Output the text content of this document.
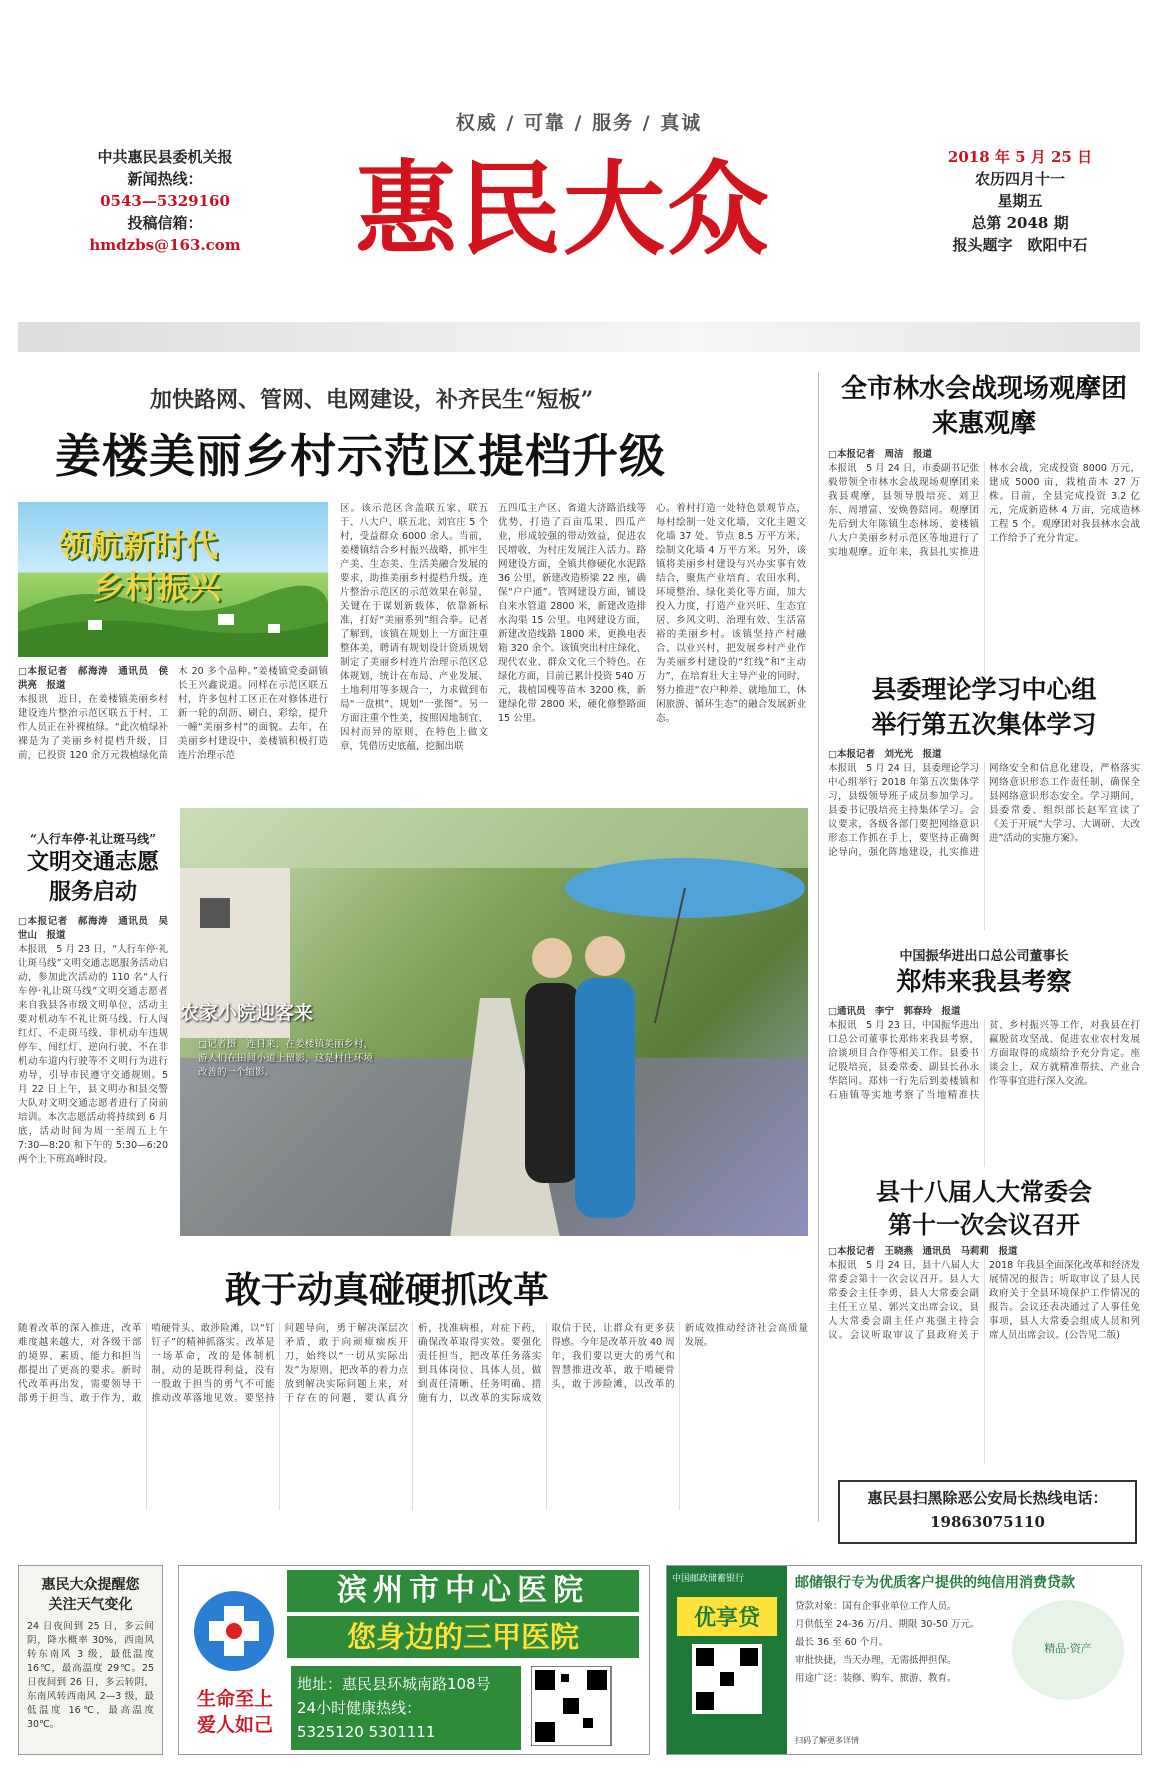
权威 / 可靠 / 服务 / 真诚
中共惠民县委机关报
新闻热线：
0543—5329160
投稿信箱：
hmdzbs@163.com 惠民大众	2018 年 5 月 25 日
农历四月十一
星期五
总第 2048 期
报头题字　欧阳中石
加快路网、管网、电网建设，补齐民生“短板”
姜楼美丽乡村示范区提档升级
领航新时代
乡村振兴
□本报记者　郝海涛　通讯员　侯洪亮　报道
本报讯　近日，在姜楼镇美丽乡村建设连片整治示范区联五于村，工作人员正在补裸植绿。“此次植绿补裸是为了美丽乡村提档升级，目前，已投资 120 余万元栽植绿化苗木 20 多个品种。”姜楼镇党委副镇长王兴鑫说道。同样在示范区联五村，许多包村工区正在对修体进行新一轮的刮沥、刷白、彩绘，提升一幢“美丽乡村”的面貌。去年，在美丽乡村建设中，姜楼镇积极打造连片治理示范
区。该示范区含盖联五家、联五于、八大户、联五北、刘官庄 5 个村，受益群众 6000 余人。当前，姜楼镇结合乡村振兴战略，抓牢生产美、生态美、生活美融合发展的要求，助推美丽乡村提档升级。连片整治示范区的示范效果在彰显，关键在于谋划新载体，依靠新标准，打好“美丽系列”组合拳。记者了解到，该镇在规划上一方面注重整体美，聘请有规划设计资质规划制定了美丽乡村连片治理示范区总体规划，统计在布局、产业发展、土地利用等多规合一，力求做到布局“一盘棋”、规划“一张图”。另一方面注重个性美，按照因地制宜、因村而异的原则，在特色上做文章，凭借历史底蕴，挖掘出联
五四瓜主产区、省道大济路沿线等优势，打造了百亩瓜果、四瓜产业，形成较强的带动效益，促进农民增收，为村庄发展注入活力。路网建设方面，全镇共修硬化水泥路 36 公里，新建改造桥梁 22 座，确保“户户通”。管网建设方面，铺设自来水管道 2800 米，新建改造排水沟渠 15 公里。电网建设方面，新建改造线路 1800 米，更换电表箱 320 余个。该镇突出村庄绿化、现代农业、群众文化三个特色。在绿化方面，目前已累计投资 540 万元，栽植国槐等苗木 3200 株，新建绿化带 2800 米，硬化修整路面 15 公里。
心。着村打造一处特色景观节点，每村绘制一处文化墙，文化主题文化墙 37 处、节点 8.5 万平方米，绘制文化墙 4 万平方米。另外，该镇将美丽乡村建设与兴办实事有效结合，聚焦产业培育、农田水利、环境整治、绿化美化等方面，加大投入力度，打造产业兴旺、生态宜居、乡风文明、治理有效、生活富裕的美丽乡村。该镇坚持产村融合、以业兴村，把发展乡村产业作为美丽乡村建设的“红线”和“主动力”，在培育壮大主导产业的同时，努力推进“农户种养、就地加工、休闲旅游、循环生态”的融合发展新业态。
农家小院迎客来
□记者摄　连日来，在姜楼镇美丽乡村，游人们在田间小道上留影，这是村庄环境改善的一个缩影。
“人行车停·礼让斑马线”
文明交通志愿
服务启动
□本报记者　郝海涛　通讯员　吴世山　报道
本报讯　5 月 23 日，“人行车停·礼让斑马线”文明交通志愿服务活动启动，参加此次活动的 110 名“人行车停·礼让斑马线”文明交通志愿者来自我县各市级文明单位，活动主要对机动车不礼让斑马线、行人闯红灯、不走斑马线、非机动车违规停车、闯红灯、逆向行驶、不在非机动车道内行驶等不文明行为进行劝导，引导市民遵守交通规则。5 月 22 日上午，县文明办和县交警大队对文明交通志愿者进行了岗前培训。本次志愿活动将持续到 6 月底，活动时间为周一至周五上午 7:30—8:20 和下午的 5:30—6:20 两个上下班高峰时段。
敢于动真碰硬抓改革
随着改革的深入推进，改革难度越来越大，对各级干部的境界、素质、能力和担当都提出了更高的要求。新时代改革再出发，需要领导干部勇于担当、敢于作为，敢啃硬骨头、敢涉险滩，以“钉钉子”的精神抓落实。改革是一场革命，改的是体制机制，动的是既得利益，没有一股敢于担当的勇气不可能推动改革落地见效。要坚持问题导向，勇于解决深层次矛盾，敢于向顽瘴痼疾开刀，始终以“一切从实际出发”为原则，把改革的着力点放到解决实际问题上来，对于存在的问题，要认真分析，找准病根，对症下药，确保改革取得实效。要强化责任担当，把改革任务落实到具体岗位、具体人员，做到责任清晰、任务明确、措施有力，以改革的实际成效取信于民，让群众有更多获得感。今年是改革开放 40 周年，我们要以更大的勇气和智慧推进改革，敢于啃硬骨头，敢于涉险滩，以改革的新成效推动经济社会高质量发展。
全市林水会战现场观摩团
来惠观摩
□本报记者　周洁　报道
本报讯　5 月 24 日，市委副书记张毅带领全市林水会战现场观摩团来我县观摩，县领导殷培亮、刘卫东、周增富、安焕鲁陪同。观摩团先后到大年陈镇生态林场、姜楼镇八大户美丽乡村示范区等地进行了实地观摩。近年来，我县扎实推进林水会战，完成投资 8000 万元，建成 5000 亩，栽植苗木 27 万株。目前，全县完成投资 3.2 亿元，完成新造林 4 万亩，完成造林工程 5 个。观摩团对我县林水会战工作给予了充分肯定。
县委理论学习中心组
举行第五次集体学习
□本报记者　刘光光　报道
本报讯　5 月 24 日，县委理论学习中心组举行 2018 年第五次集体学习，县级领导班子成员参加学习。县委书记殷培亮主持集体学习。会议要求，各级各部门要把网络意识形态工作抓在手上，要坚持正确舆论导向，强化阵地建设，扎实推进网络安全和信息化建设，严格落实网络意识形态工作责任制，确保全县网络意识形态安全。学习期间，县委常委、组织部长赵军宣读了《关于开展“大学习、大调研、大改进”活动的实施方案》。
中国振华进出口总公司董事长
郑炜来我县考察
□通讯员　李宁　郭春玲　报道
本报讯　5 月 23 日，中国振华进出口总公司董事长郑炜来我县考察，洽谈项目合作等相关工作。县委书记殷培亮，县委常委、副县长孙永华陪同。郑炜一行先后到姜楼镇和石庙镇等实地考察了当地精准扶贫、乡村振兴等工作，对我县在打赢脱贫攻坚战、促进农业农村发展方面取得的成绩给予充分肯定。座谈会上，双方就精准帮扶、产业合作等事宜进行深入交流。
县十八届人大常委会
第十一次会议召开
□本报记者　王晓燕　通讯员　马莉莉　报道
本报讯　5 月 24 日，县十八届人大常委会第十一次会议召开。县人大常委会主任李勇，县人大常委会副主任王立星、郭兴文出席会议，县人大常委会副主任卢兆强主持会议。会议听取审议了县政府关于 2018 年我县全面深化改革和经济发展情况的报告；听取审议了县人民政府关于全县环境保护工作情况的报告。会议还表决通过了人事任免事项，县人大常委会组成人员和列席人员出席会议。(公告见二版)
惠民县扫黑除恶公安局长热线电话：
19863075110
惠民大众提醒您
关注天气变化
24 日夜间到 25 日，多云间阴，降水概率 30%，西南风转东南风 3 级，最低温度 16℃，最高温度 29℃。25 日夜间到 26 日，多云转阴，东南风转西南风 2—3 级，最低温度 16℃，最高温度 30℃。
生命至上
爱人如己
滨州市中心医院
您身边的三甲医院
地址：惠民县环城南路108号
24小时健康热线：
5325120 5301111
中国邮政储蓄银行
优享贷
邮储银行专为优质客户提供的纯信用消费贷款
贷款对象：国有企事业单位工作人员。
月供低至 24-36 万/月、期限 30-50 万元。
最长 36 至 60 个月。
审批快捷，当天办理，无需抵押担保。
用途广泛：装修、购车、旅游、教育。
精品·资产
扫码了解更多详情
